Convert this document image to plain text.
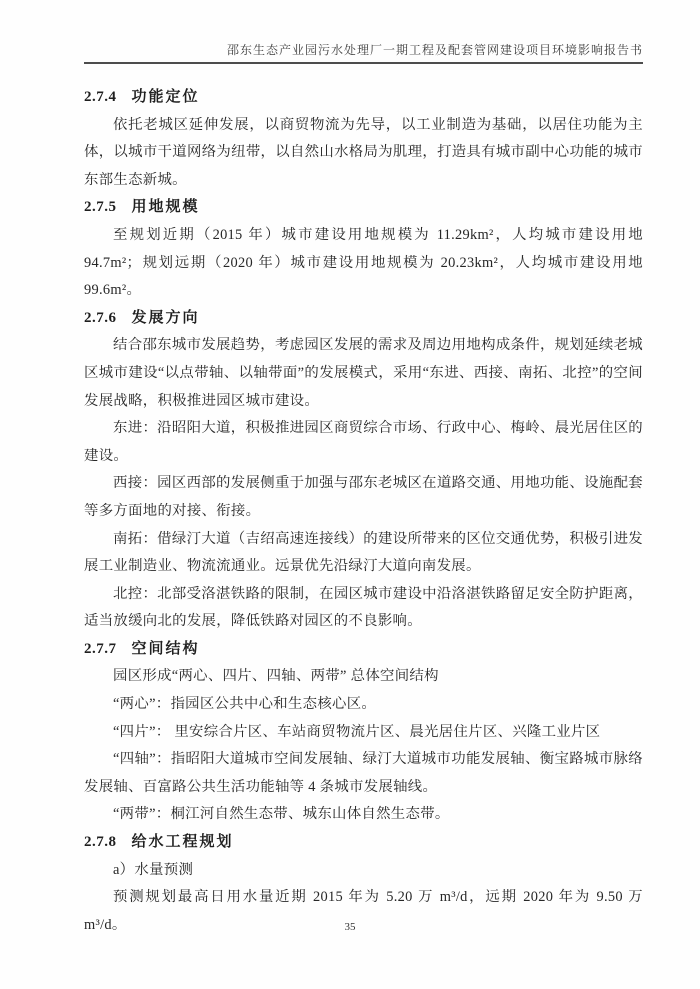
邵东生态产业园污水处理厂一期工程及配套管网建设项目环境影响报告书
2.7.4 功能定位

依托老城区延伸发展，以商贸物流为先导，以工业制造为基础，以居住功能为主体，以城市干道网络为纽带，以自然山水格局为肌理，打造具有城市副中心功能的城市东部生态新城。

2.7.5 用地规模

至规划近期（2015 年）城市建设用地规模为 11.29km²，人均城市建设用地 94.7m²；规划远期（2020 年）城市建设用地规模为 20.23km²，人均城市建设用地 99.6m²。

2.7.6 发展方向

结合邵东城市发展趋势，考虑园区发展的需求及周边用地构成条件，规划延续老城区城市建设“以点带轴、以轴带面”的发展模式，采用“东进、西接、南拓、北控”的空间发展战略，积极推进园区城市建设。

东进：沿昭阳大道，积极推进园区商贸综合市场、行政中心、梅岭、晨光居住区的建设。

西接：园区西部的发展侧重于加强与邵东老城区在道路交通、用地功能、设施配套等多方面地的对接、衔接。

南拓：借绿汀大道（吉绍高速连接线）的建设所带来的区位交通优势，积极引进发展工业制造业、物流流通业。远景优先沿绿汀大道向南发展。

北控：北部受洛湛铁路的限制，在园区城市建设中沿洛湛铁路留足安全防护距离，适当放缓向北的发展，降低铁路对园区的不良影响。

2.7.7 空间结构

园区形成“两心、四片、四轴、两带” 总体空间结构

“两心”：指园区公共中心和生态核心区。

“四片”： 里安综合片区、车站商贸物流片区、晨光居住片区、兴隆工业片区

“四轴”：指昭阳大道城市空间发展轴、绿汀大道城市功能发展轴、衡宝路城市脉络发展轴、百富路公共生活功能轴等 4 条城市发展轴线。

“两带”：桐江河自然生态带、城东山体自然生态带。

2.7.8 给水工程规划

a）水量预测

预测规划最高日用水量近期 2015 年为 5.20 万 m³/d，远期 2020 年为 9.50 万 m³/d。	35
